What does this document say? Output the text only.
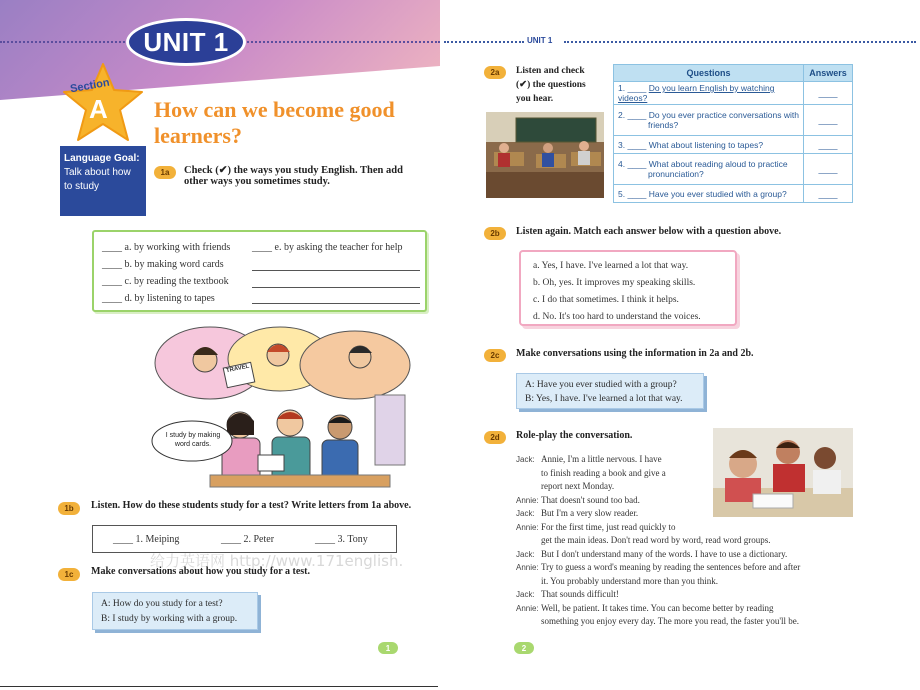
UNIT 1
Section
A
Language Goal:
Talk about how
to study
How can we become good
learners?
1a	Check (✔) the ways you study English. Then add
other ways you sometimes study.
____ a. by working with friends
____ b. by making word cards
____ c. by reading the textbook
____ d. by listening to tapes
____ e. by asking the teacher for help
TRAVEL
I study by making word cards.
1b	Listen. How do these students study for a test? Write letters from 1a above.
____ 1. Meiping	____ 2. Peter	____ 3. Tony
给力英语网 http://www.171english.
1c	Make conversations about how you study for a test.
A: How do you study for a test?
B: I study by working with a group.
1
UNIT 1
2a	Listen and check
(✔) the questions
you hear.
Questions	Answers
1. ____ Do you learn English by watching videos?	____
2. ____ Do you ever practice conversations with
friends?	____
3. ____ What about listening to tapes?	____
4. ____ What about reading aloud to practice
pronunciation?	____
5. ____ Have you ever studied with a group?	____
2b	Listen again. Match each answer below with a question above.
a. Yes, I have. I've learned a lot that way.
b. Oh, yes. It improves my speaking skills.
c. I do that sometimes. I think it helps.
d. No. It's too hard to understand the voices.
2c	Make conversations using the information in 2a and 2b.
A: Have you ever studied with a group?
B: Yes, I have. I've learned a lot that way.
2d	Role-play the conversation.
Jack: Annie, I'm a little nervous. I have
to finish reading a book and give a
report next Monday.
Annie: That doesn't sound too bad.
Jack: But I'm a very slow reader.
Annie: For the first time, just read quickly to
get the main ideas. Don't read word by word, read word groups.
Jack: But I don't understand many of the words. I have to use a dictionary.
Annie: Try to guess a word's meaning by reading the sentences before and after
it. You probably understand more than you think.
Jack: That sounds difficult!
Annie: Well, be patient. It takes time. You can become better by reading
something you enjoy every day. The more you read, the faster you'll be.
2
